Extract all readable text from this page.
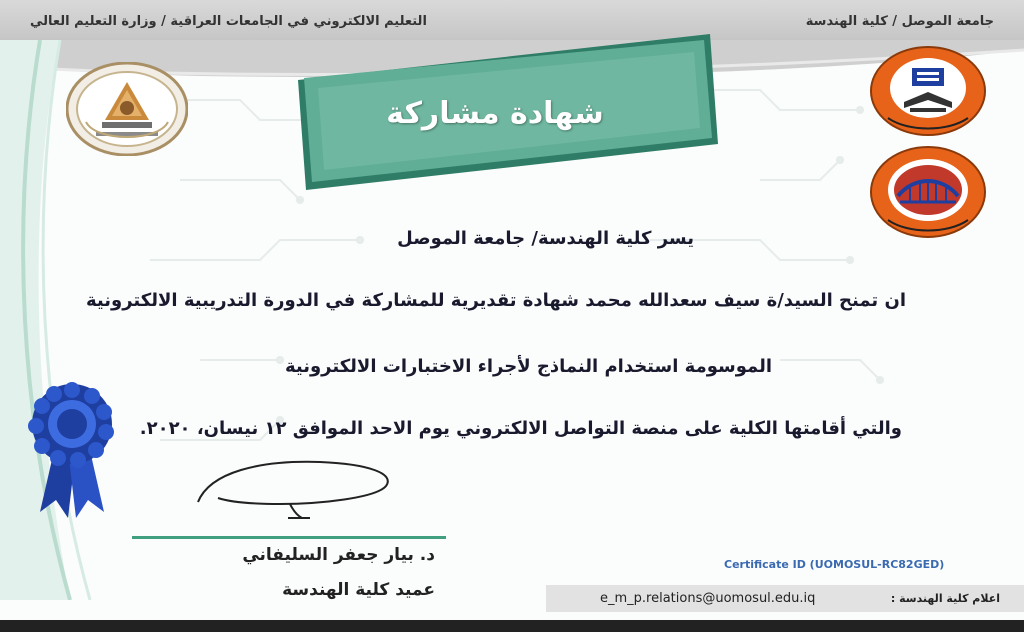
جامعة الموصل / كلية الهندسة
التعليم الالكتروني في الجامعات العراقية / وزارة التعليم العالي
شهادة مشاركة
يسر كلية الهندسة/ جامعة الموصل
ان تمنح السيد/ة سيف سعدالله محمد شهادة تقديرية للمشاركة في الدورة التدريبية الالكترونية
الموسومة استخدام النماذج لأجراء الاختبارات الالكترونية
والتي أقامتها الكلية على منصة التواصل الالكتروني يوم الاحد الموافق ١٢ نيسان، ٢٠٢٠.
د. بيار جعفر السليفاني
عميد كلية الهندسة
Certificate ID (UOMOSUL-RC82GED)
e_m_p.relations@uomosul.edu.iq	اعلام كلية الهندسة :
